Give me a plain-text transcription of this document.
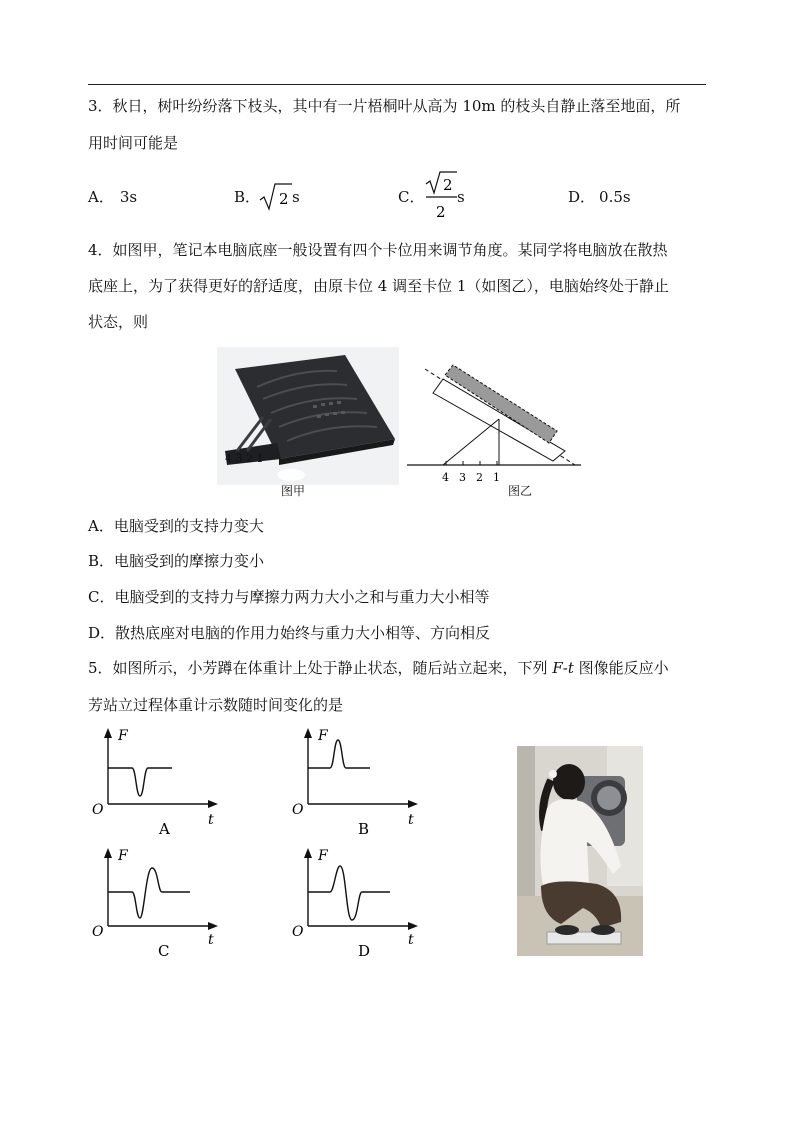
3．秋日，树叶纷纷落下枝头，其中有一片梧桐叶从高为 10m 的枝头自静止落至地面，所
用时间可能是
A． 3s	B． 2 s	C．
2
2
s	D． 0.5s
4．如图甲，笔记本电脑底座一般设置有四个卡位用来调节角度。某同学将电脑放在散热
底座上，为了获得更好的舒适度，由原卡位 4 调至卡位 1（如图乙），电脑始终处于静止
状态，则
4 3 2 1
图甲
4 3 2 1
图乙
A．电脑受到的支持力变大
B．电脑受到的摩擦力变小
C．电脑受到的支持力与摩擦力两力大小之和与重力大小相等
D．散热底座对电脑的作用力始终与重力大小相等、方向相反
5．如图所示，小芳蹲在体重计上处于静止状态，随后站立起来，下列 F-t 图像能反应小
芳站立过程体重计示数随时间变化的是
F
O
t
A
F
O
t
B
F
O	t
C
F
O	t
D
